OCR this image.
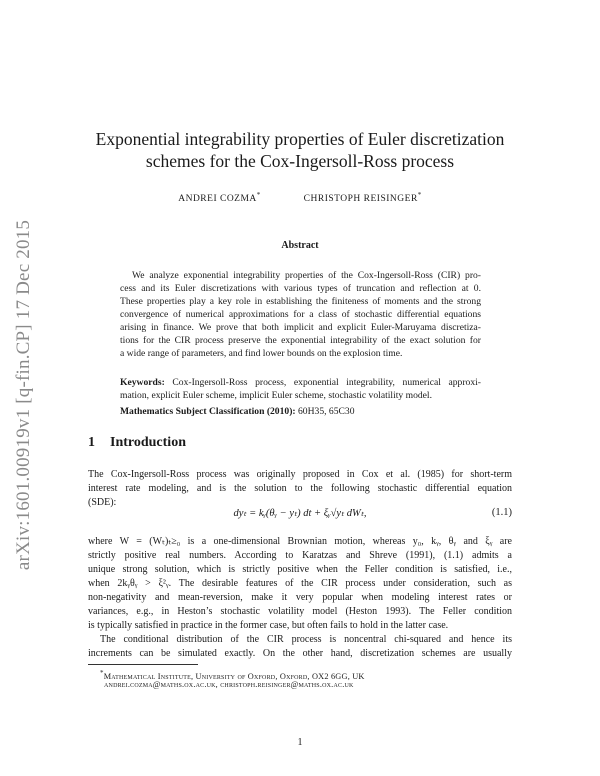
arXiv:1601.00919v1 [q-fin.CP] 17 Dec 2015
Exponential integrability properties of Euler discretization
schemes for the Cox-Ingersoll-Ross process
ANDREI COZMA*	CHRISTOPH REISINGER*
Abstract
We analyze exponential integrability properties of the Cox-Ingersoll-Ross (CIR) pro-
cess and its Euler discretizations with various types of truncation and reflection at 0.
These properties play a key role in establishing the finiteness of moments and the strong
convergence of numerical approximations for a class of stochastic differential equations
arising in finance. We prove that both implicit and explicit Euler-Maruyama discretiza-
tions for the CIR process preserve the exponential integrability of the exact solution for
a wide range of parameters, and find lower bounds on the explosion time.
Keywords: Cox-Ingersoll-Ross process, exponential integrability, numerical approxi-
mation, explicit Euler scheme, implicit Euler scheme, stochastic volatility model.
Mathematics Subject Classification (2010): 60H35, 65C30
1 Introduction
The Cox-Ingersoll-Ross process was originally proposed in Cox et al. (1985) for short-term
interest rate modeling, and is the solution to the following stochastic differential equation
(SDE):
dyₜ = kᵧ(θᵧ − yₜ) dt + ξᵧ√yₜ dWₜ,	(1.1)
where W = (Wₜ)ₜ≥₀ is a one-dimensional Brownian motion, whereas y₀, kᵧ, θᵧ and ξᵧ are
strictly positive real numbers. According to Karatzas and Shreve (1991), (1.1) admits a
unique strong solution, which is strictly positive when the Feller condition is satisfied, i.e.,
when 2kᵧθᵧ > ξ²ᵧ. The desirable features of the CIR process under consideration, such as
non-negativity and mean-reversion, make it very popular when modeling interest rates or
variances, e.g., in Heston’s stochastic volatility model (Heston 1993). The Feller condition
is typically satisfied in practice in the former case, but often fails to hold in the latter case.
The conditional distribution of the CIR process is noncentral chi-squared and hence its
increments can be simulated exactly. On the other hand, discretization schemes are usually
*Mathematical Institute, University of Oxford, Oxford, OX2 6GG, UK
andrei.cozma@maths.ox.ac.uk, christoph.reisinger@maths.ox.ac.uk
1
